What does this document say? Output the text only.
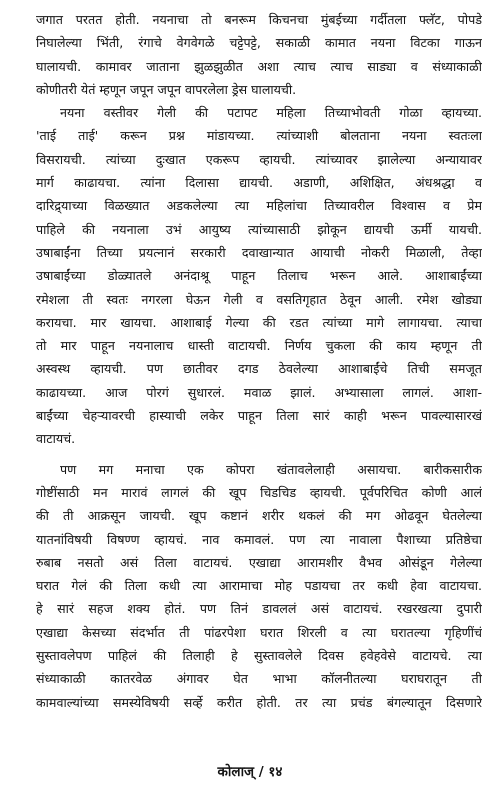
जगात परतत होती. नयनाचा तो बनरूम किचनचा मुंबईच्या गर्दीतला फ्लॅट, पोपडे
निघालेल्या भिंती, रंगाचे वेगवेगळे चट्टेपट्टे, सकाळी कामात नयना विटका गाऊन
घालायची. कामावर जाताना झुळझुळीत अशा त्याच त्याच साड्या व संध्याकाळी
कोणीतरी येतं म्हणून जपून जपून वापरलेला ड्रेस घालायची.
नयना वस्तीवर गेली की पटापट महिला तिच्याभोवती गोळा व्हायच्या.
'ताई ताई' करून प्रश्न मांडायच्या. त्यांच्याशी बोलताना नयना स्वतःला
विसरायची. त्यांच्या दुःखात एकरूप व्हायची. त्यांच्यावर झालेल्या अन्यायावर
मार्ग काढायचा. त्यांना दिलासा द्यायची. अडाणी, अशिक्षित, अंधश्रद्धा व
दारिद्र्याच्या विळख्यात अडकलेल्या त्या महिलांचा तिच्यावरील विश्वास व प्रेम
पाहिले की नयनाला उभं आयुष्य त्यांच्यासाठी झोकून द्यायची ऊर्मी यायची.
उषाबाईंना तिच्या प्रयत्नानं सरकारी दवाखान्यात आयाची नोकरी मिळाली, तेव्हा
उषाबाईंच्या डोळ्यातले अनंदाश्रू पाहून तिलाच भरून आले. आशाबाईंच्या
रमेशला ती स्वतः नगरला घेऊन गेली व वसतिगृहात ठेवून आली. रमेश खोड्या
करायचा. मार खायचा. आशाबाई गेल्या की रडत त्यांच्या मागे लागायचा. त्याचा
तो मार पाहून नयनालाच धास्ती वाटायची. निर्णय चुकला की काय म्हणून ती
अस्वस्थ व्हायची. पण छातीवर दगड ठेवलेल्या आशाबाईंचे तिची समजूत
काढायच्या. आज पोरगं सुधारलं. मवाळ झालं. अभ्यासाला लागलं. आशा-
बाईंच्या चेहऱ्यावरची हास्याची लकेर पाहून तिला सारं काही भरून पावल्यासारखं
वाटायचं.
पण मग मनाचा एक कोपरा खंतावलेलाही असायचा. बारीकसारीक
गोष्टींसाठी मन मारावं लागलं की खूप चिडचिड व्हायची. पूर्वपरिचित कोणी आलं
की ती आक्रसून जायची. खूप कष्टानं शरीर थकलं की मग ओढवून घेतलेल्या
यातनांविषयी विषण्ण व्हायचं. नाव कमावलं. पण त्या नावाला पैशाच्या प्रतिष्ठेचा
रुबाब नसतो असं तिला वाटायचं. एखाद्या आरामशीर वैभव ओसंडून गेलेल्या
घरात गेलं की तिला कधी त्या आरामाचा मोह पडायचा तर कधी हेवा वाटायचा.
हे सारं सहज शक्य होतं. पण तिनं डावललं असं वाटायचं. रखरखत्या दुपारी
एखाद्या केसच्या संदर्भात ती पांढरपेशा घरात शिरली व त्या घरातल्या गृहिणींचं
सुस्तावलेपण पाहिलं की तिलाही हे सुस्तावलेले दिवस हवेहवेसे वाटायचे. त्या
संध्याकाळी कातरवेळ अंगावर घेत भाभा कॉलनीतल्या घराघरातून ती
कामवाल्यांच्या समस्येविषयी सर्व्हे करीत होती. तर त्या प्रचंड बंगल्यातून दिसणारे
कोलाज् / १४
